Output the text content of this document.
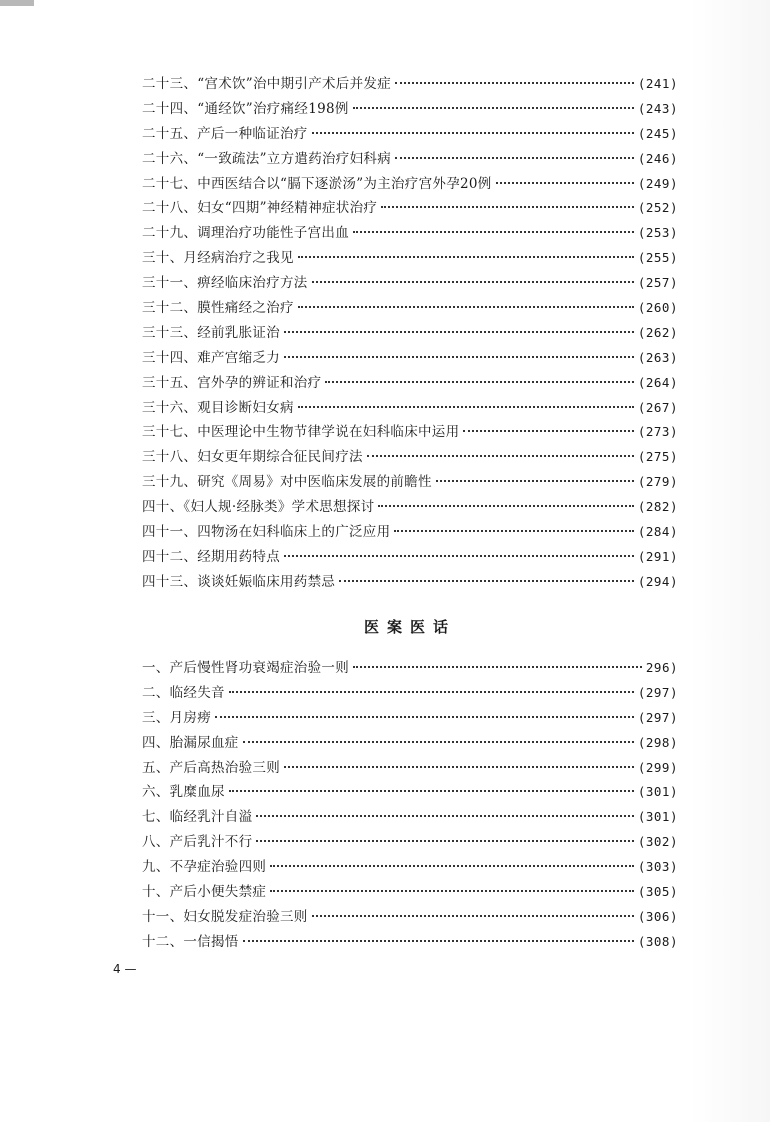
二十三、“宫术饮”治中期引产术后并发症	(241)
二十四、“通经饮”治疗痛经198例	(243)
二十五、产后一种临证治疗	(245)
二十六、“一致疏法”立方遣药治疗妇科病	(246)
二十七、中西医结合以“膈下逐淤汤”为主治疗宫外孕20例	(249)
二十八、妇女“四期”神经精神症状治疗	(252)
二十九、调理治疗功能性子宫出血	(253)
三十、月经病治疗之我见	(255)
三十一、痹经临床治疗方法	(257)
三十二、膜性痛经之治疗	(260)
三十三、经前乳胀证治	(262)
三十四、难产宫缩乏力	(263)
三十五、宫外孕的辨证和治疗	(264)
三十六、观目诊断妇女病	(267)
三十七、中医理论中生物节律学说在妇科临床中运用	(273)
三十八、妇女更年期综合征民间疗法	(275)
三十九、研究《周易》对中医临床发展的前瞻性	(279)
四十、《妇人规·经脉类》学术思想探讨	(282)
四十一、四物汤在妇科临床上的广泛应用	(284)
四十二、经期用药特点	(291)
四十三、谈谈妊娠临床用药禁忌	(294)
医案医话
一、产后慢性肾功衰竭症治验一则	296)
二、临经失音	(297)
三、月房痨	(297)
四、胎漏尿血症	(298)
五、产后高热治验三则	(299)
六、乳糜血尿	(301)
七、临经乳汁自溢	(301)
八、产后乳汁不行	(302)
九、不孕症治验四则	(303)
十、产后小便失禁症	(305)
十一、妇女脱发症治验三则	(306)
十二、一信揭悟	(308)
4 —
